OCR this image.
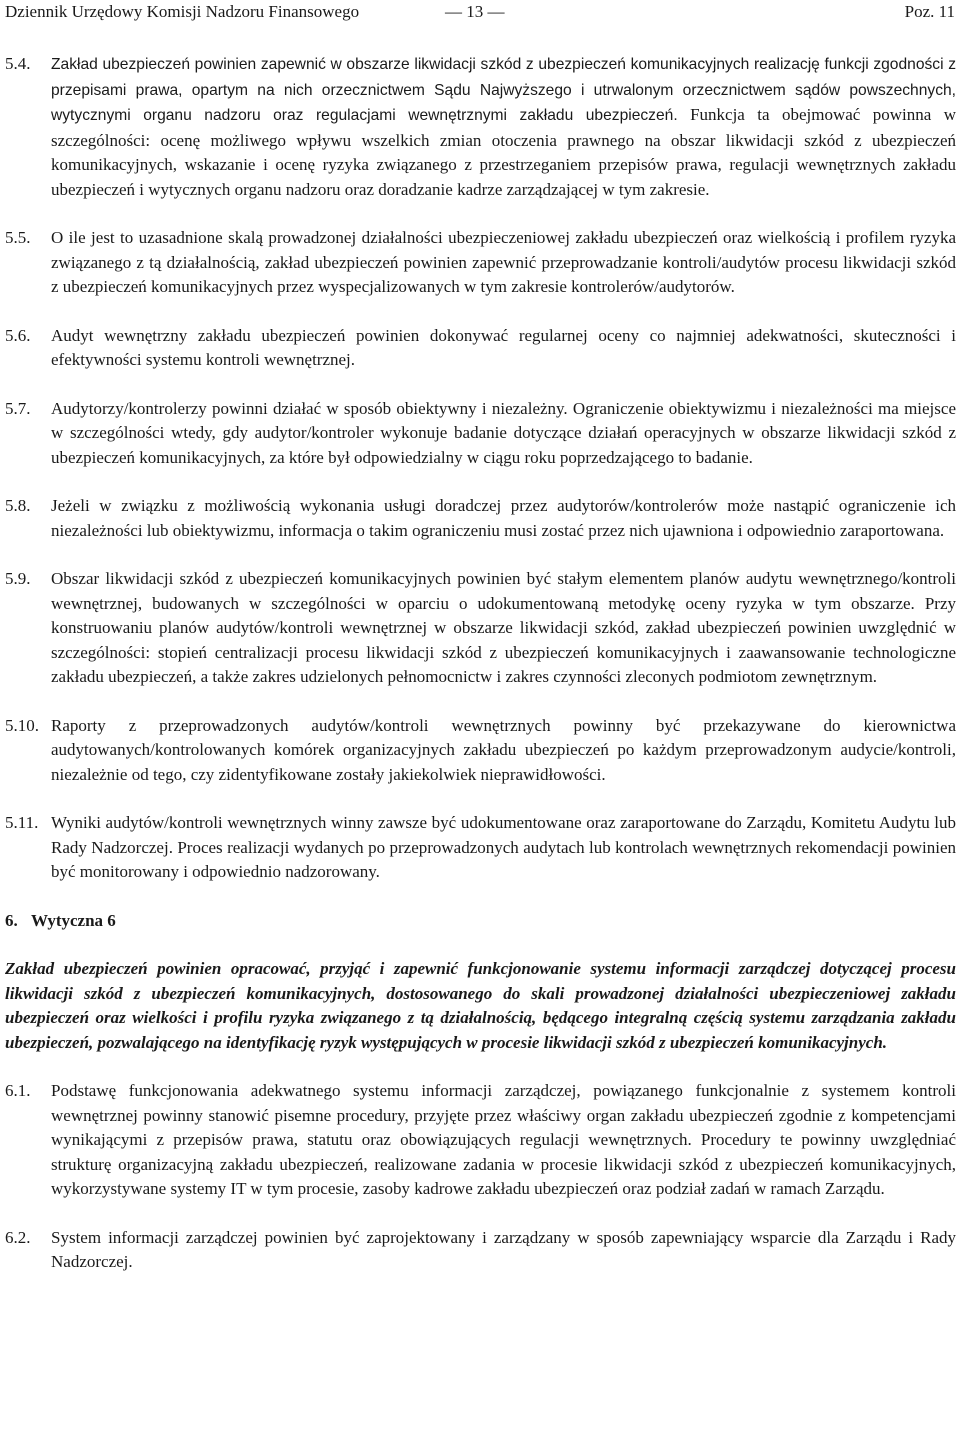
Dziennik Urzędowy Komisji Nadzoru Finansowego	— 13 —	Poz. 11
5.4.	Zakład ubezpieczeń powinien zapewnić w obszarze likwidacji szkód z ubezpieczeń komunikacyjnych realizację funkcji zgodności z przepisami prawa, opartym na nich orzecznictwem Sądu Najwyższego i utrwalonym orzecznictwem sądów powszechnych, wytycznymi organu nadzoru oraz regulacjami wewnętrznymi zakładu ubezpieczeń. Funkcja ta obejmować powinna w szczególności: ocenę możliwego wpływu wszelkich zmian otoczenia prawnego na obszar likwidacji szkód z ubezpieczeń komunikacyjnych, wskazanie i ocenę ryzyka związanego z przestrzeganiem przepisów prawa, regulacji wewnętrznych zakładu ubezpieczeń i wytycznych organu nadzoru oraz doradzanie kadrze zarządzającej w tym zakresie.
5.5.	O ile jest to uzasadnione skalą prowadzonej działalności ubezpieczeniowej zakładu ubezpieczeń oraz wielkością i profilem ryzyka związanego z tą działalnością, zakład ubezpieczeń powinien zapewnić przeprowadzanie kontroli/audytów procesu likwidacji szkód z ubezpieczeń komunikacyjnych przez wyspecjalizowanych w tym zakresie kontrolerów/audytorów.
5.6.	Audyt wewnętrzny zakładu ubezpieczeń powinien dokonywać regularnej oceny co najmniej adekwatności, skuteczności i efektywności systemu kontroli wewnętrznej.
5.7.	Audytorzy/kontrolerzy powinni działać w sposób obiektywny i niezależny. Ograniczenie obiektywizmu i niezależności ma miejsce w szczególności wtedy, gdy audytor/kontroler wykonuje badanie dotyczące działań operacyjnych w obszarze likwidacji szkód z ubezpieczeń komunikacyjnych, za które był odpowiedzialny w ciągu roku poprzedzającego to badanie.
5.8.	Jeżeli w związku z możliwością wykonania usługi doradczej przez audytorów/kontrolerów może nastąpić ograniczenie ich niezależności lub obiektywizmu, informacja o takim ograniczeniu musi zostać przez nich ujawniona i odpowiednio zaraportowana.
5.9.	Obszar likwidacji szkód z ubezpieczeń komunikacyjnych powinien być stałym elementem planów audytu wewnętrznego/kontroli wewnętrznej, budowanych w szczególności w oparciu o udokumentowaną metodykę oceny ryzyka w tym obszarze. Przy konstruowaniu planów audytów/kontroli wewnętrznej w obszarze likwidacji szkód, zakład ubezpieczeń powinien uwzględnić w szczególności: stopień centralizacji procesu likwidacji szkód z ubezpieczeń komunikacyjnych i zaawansowanie technologiczne zakładu ubezpieczeń, a także zakres udzielonych pełnomocnictw i zakres czynności zleconych podmiotom zewnętrznym.
5.10. Raporty z przeprowadzonych audytów/kontroli wewnętrznych powinny być przekazywane do kierownictwa audytowanych/kontrolowanych komórek organizacyjnych zakładu ubezpieczeń po każdym przeprowadzonym audycie/kontroli, niezależnie od tego, czy zidentyfikowane zostały jakiekolwiek nieprawidłowości.
5.11. Wyniki audytów/kontroli wewnętrznych winny zawsze być udokumentowane oraz zaraportowane do Zarządu, Komitetu Audytu lub Rady Nadzorczej. Proces realizacji wydanych po przeprowadzonych audytach lub kontrolach wewnętrznych rekomendacji powinien być monitorowany i odpowiednio nadzorowany.
6. Wytyczna 6
Zakład ubezpieczeń powinien opracować, przyjąć i zapewnić funkcjonowanie systemu informacji zarządczej dotyczącej procesu likwidacji szkód z ubezpieczeń komunikacyjnych, dostosowanego do skali prowadzonej działalności ubezpieczeniowej zakładu ubezpieczeń oraz wielkości i profilu ryzyka związanego z tą działalnością, będącego integralną częścią systemu zarządzania zakładu ubezpieczeń, pozwalającego na identyfikację ryzyk występujących w procesie likwidacji szkód z ubezpieczeń komunikacyjnych.
6.1.	Podstawę funkcjonowania adekwatnego systemu informacji zarządczej, powiązanego funkcjonalnie z systemem kontroli wewnętrznej powinny stanowić pisemne procedury, przyjęte przez właściwy organ zakładu ubezpieczeń zgodnie z kompetencjami wynikającymi z przepisów prawa, statutu oraz obowiązujących regulacji wewnętrznych. Procedury te powinny uwzględniać strukturę organizacyjną zakładu ubezpieczeń, realizowane zadania w procesie likwidacji szkód z ubezpieczeń komunikacyjnych, wykorzystywane systemy IT w tym procesie, zasoby kadrowe zakładu ubezpieczeń oraz podział zadań w ramach Zarządu.
6.2.	System informacji zarządczej powinien być zaprojektowany i zarządzany w sposób zapewniający wsparcie dla Zarządu i Rady Nadzorczej.
